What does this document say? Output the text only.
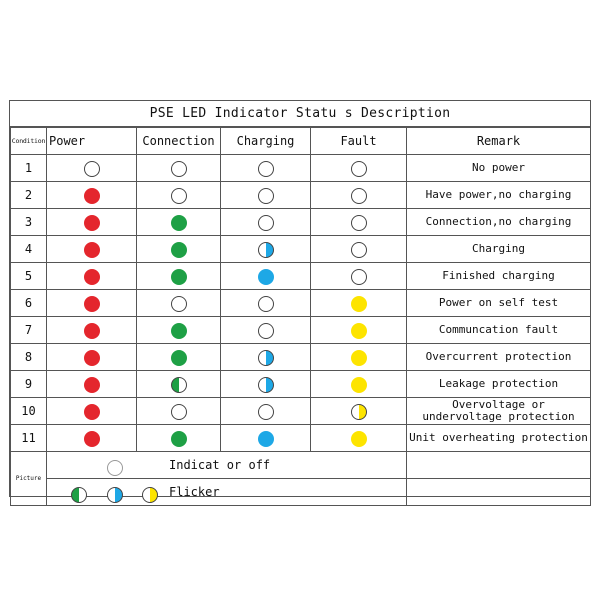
PSE LED Indicator Statu s Description
Condition	Power	Connection	Charging	Fault	Remark
1					No power
2					Have power,no charging
3					Connection,no charging
4					Charging
5					Finished charging
6					Power on self test
7					Communcation fault
8					Overcurrent protection
9					Leakage protection
10					Overvoltage or
undervoltage protection

11					Unit overheating protection
Picture	Indicat or off				

	Flicker				
